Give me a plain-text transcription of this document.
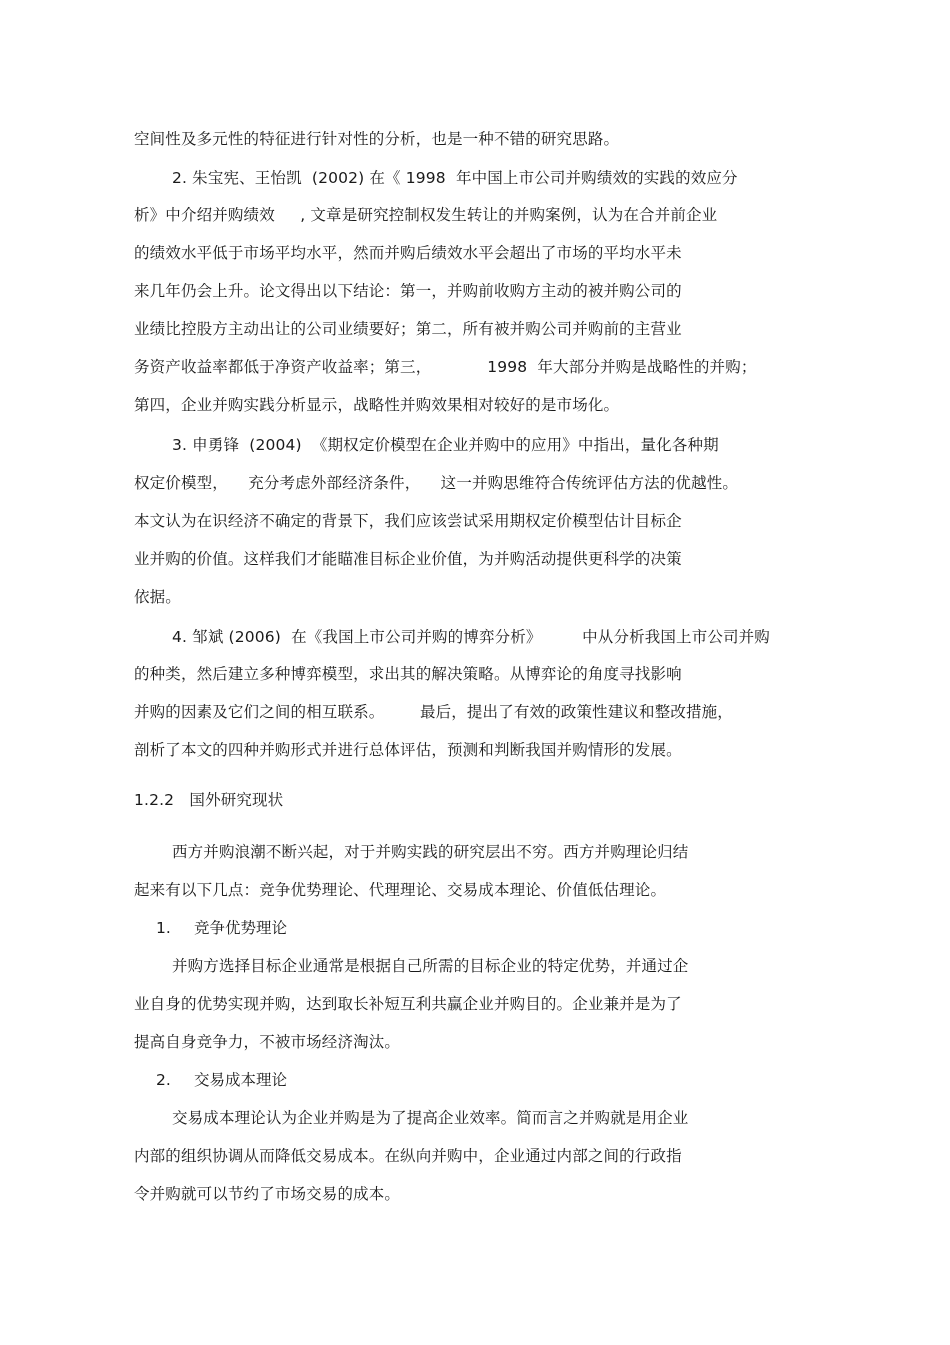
空间性及多元性的特征进行针对性的分析，也是一种不错的研究思路。
2. 朱宝宪、王怡凯  (2002) 在《 1998  年中国上市公司并购绩效的实践的效应分
析》中介绍并购绩效     , 文章是研究控制权发生转让的并购案例，认为在合并前企业
的绩效水平低于市场平均水平，然而并购后绩效水平会超出了市场的平均水平未
来几年仍会上升。论文得出以下结论：第一，并购前收购方主动的被并购公司的
业绩比控股方主动出让的公司业绩要好；第二，所有被并购公司并购前的主营业
务资产收益率都低于净资产收益率；第三，           1998  年大部分并购是战略性的并购；
第四，企业并购实践分析显示，战略性并购效果相对较好的是市场化。
3. 申勇锋  (2004)  《期权定价模型在企业并购中的应用》中指出，量化各种期
权定价模型，    充分考虑外部经济条件，    这一并购思维符合传统评估方法的优越性。
本文认为在识经济不确定的背景下，我们应该尝试采用期权定价模型估计目标企
业并购的价值。这样我们才能瞄准目标企业价值，为并购活动提供更科学的决策
依据。
4. 邹斌 (2006)  在《我国上市公司并购的博弈分析》        中从分析我国上市公司并购
的种类，然后建立多种博弈模型，求出其的解决策略。从博弈论的角度寻找影响
并购的因素及它们之间的相互联系。       最后，提出了有效的政策性建议和整改措施，
剖析了本文的四种并购形式并进行总体评估，预测和判断我国并购情形的发展。
1.2.2   国外研究现状
西方并购浪潮不断兴起，对于并购实践的研究层出不穷。西方并购理论归结
起来有以下几点：竞争优势理论、代理理论、交易成本理论、价值低估理论。
1. 竞争优势理论
并购方选择目标企业通常是根据自己所需的目标企业的特定优势，并通过企
业自身的优势实现并购，达到取长补短互利共赢企业并购目的。企业兼并是为了
提高自身竞争力，不被市场经济淘汰。
2. 交易成本理论
交易成本理论认为企业并购是为了提高企业效率。简而言之并购就是用企业
内部的组织协调从而降低交易成本。在纵向并购中，企业通过内部之间的行政指
令并购就可以节约了市场交易的成本。
